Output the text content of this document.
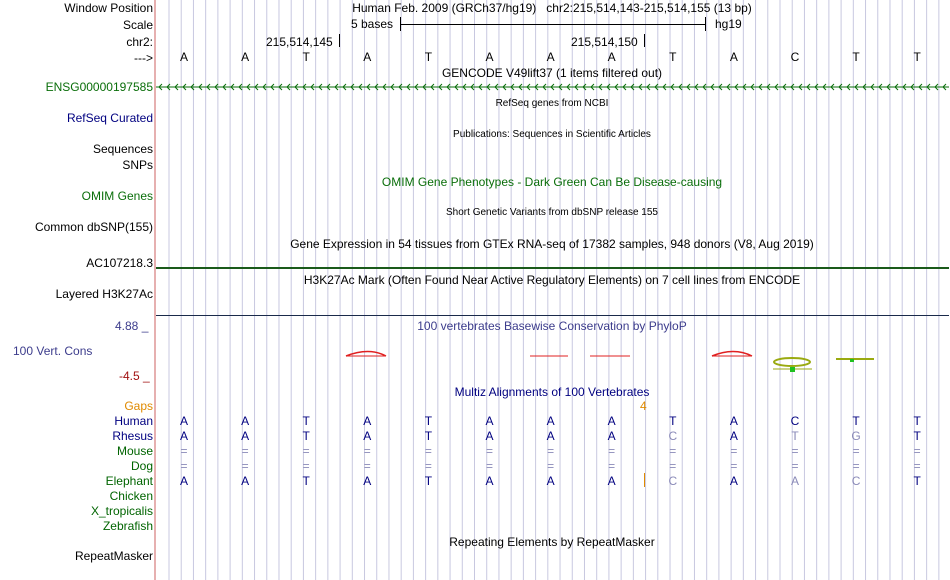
Window Position	Human Feb. 2009 (GRCh37/hg19)   chr2:215,514,143-215,514,155 (13 bp)
Scale	5 bases	hg19
chr2:	215,514,145	215,514,150
---> A	A	T	A	T	A	A	A	T	A	C	T	T
GENCODE V49lift37 (1 items filtered out)
ENSG00000197585
RefSeq genes from NCBI
RefSeq Curated
Publications: Sequences in Scientific Articles
Sequences
SNPs
OMIM Gene Phenotypes - Dark Green Can Be Disease-causing
OMIM Genes
Short Genetic Variants from dbSNP release 155
Common dbSNP(155)
Gene Expression in 54 tissues from GTEx RNA-seq of 17382 samples, 948 donors (V8, Aug 2019)
AC107218.3
H3K27Ac Mark (Often Found Near Active Regulatory Elements) on 7 cell lines from ENCODE
Layered H3K27Ac
100 vertebrates Basewise Conservation by PhyloP
4.88 _
100 Vert. Cons
-4.5 _
Multiz Alignments of 100 Vertebrates
Gaps	4
Human A	A	T	A	T	A	A	A	T	A	C	T	T
Rhesus A	A	T	A	T	A	A	A	C	A	T	G	T
Mouse =	=	=	=	=	=	=	=	=	=	=	=	=
Dog =	=	=	=	=	=	=	=	=	=	=	=	=
Elephant A	A	T	A	T	A	A	A	C	A	A	C	T
Chicken
X_tropicalis
Zebrafish
Repeating Elements by RepeatMasker
RepeatMasker
